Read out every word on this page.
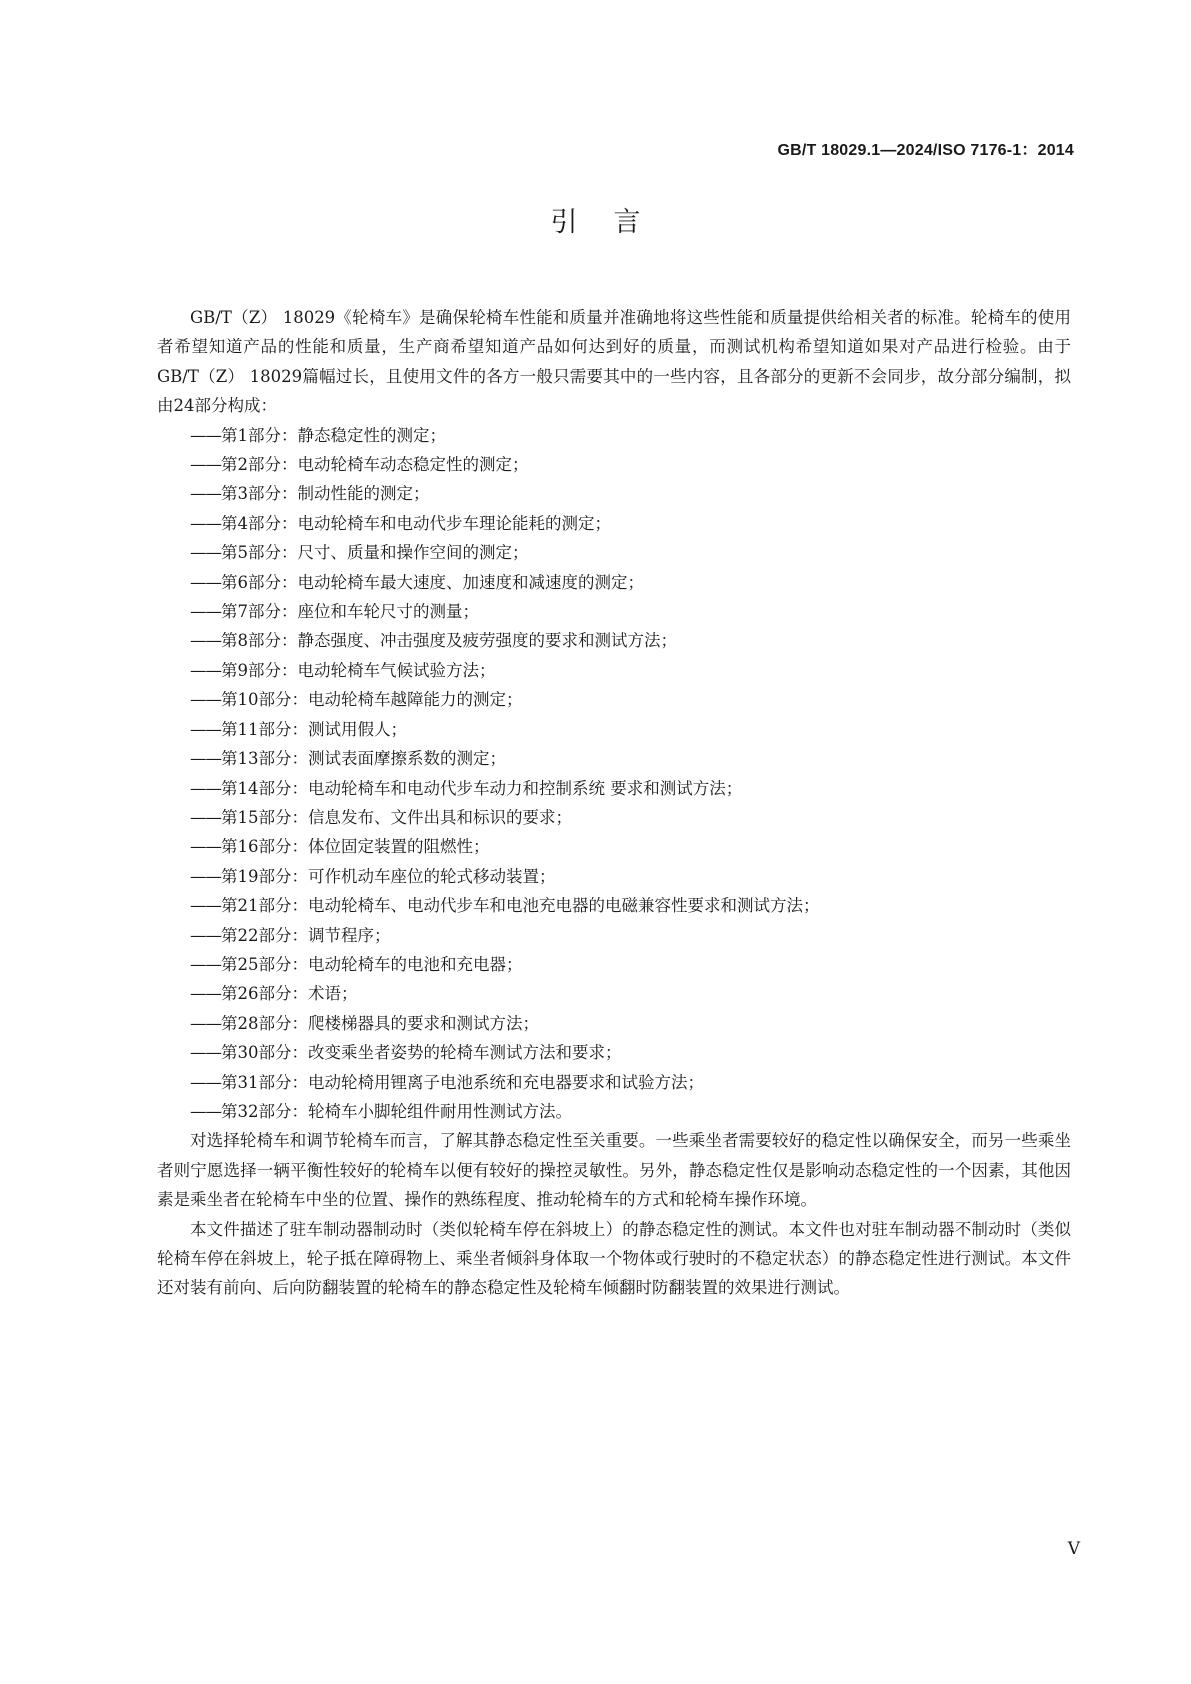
GB/T 18029.1—2024/ISO 7176-1：2014
引言

GB/T（Z） 18029《轮椅车》是确保轮椅车性能和质量并准确地将这些性能和质量提供给相关者的标准。轮椅车的使用者希望知道产品的性能和质量，生产商希望知道产品如何达到好的质量，而测试机构希望知道如果对产品进行检验。由于GB/T（Z） 18029篇幅过长，且使用文件的各方一般只需要其中的一些内容，且各部分的更新不会同步，故分部分编制，拟由24部分构成：

——第1部分：静态稳定性的测定；
——第2部分：电动轮椅车动态稳定性的测定；
——第3部分：制动性能的测定；
——第4部分：电动轮椅车和电动代步车理论能耗的测定；
——第5部分：尺寸、质量和操作空间的测定；
——第6部分：电动轮椅车最大速度、加速度和减速度的测定；
——第7部分：座位和车轮尺寸的测量；
——第8部分：静态强度、冲击强度及疲劳强度的要求和测试方法；
——第9部分：电动轮椅车气候试验方法；
——第10部分：电动轮椅车越障能力的测定；
——第11部分：测试用假人；
——第13部分：测试表面摩擦系数的测定；
——第14部分：电动轮椅车和电动代步车动力和控制系统 要求和测试方法；
——第15部分：信息发布、文件出具和标识的要求；
——第16部分：体位固定装置的阻燃性；
——第19部分：可作机动车座位的轮式移动装置；
——第21部分：电动轮椅车、电动代步车和电池充电器的电磁兼容性要求和测试方法；
——第22部分：调节程序；
——第25部分：电动轮椅车的电池和充电器；
——第26部分：术语；
——第28部分：爬楼梯器具的要求和测试方法；
——第30部分：改变乘坐者姿势的轮椅车测试方法和要求；
——第31部分：电动轮椅用锂离子电池系统和充电器要求和试验方法；
——第32部分：轮椅车小脚轮组件耐用性测试方法。

对选择轮椅车和调节轮椅车而言，了解其静态稳定性至关重要。一些乘坐者需要较好的稳定性以确保安全，而另一些乘坐者则宁愿选择一辆平衡性较好的轮椅车以便有较好的操控灵敏性。另外，静态稳定性仅是影响动态稳定性的一个因素，其他因素是乘坐者在轮椅车中坐的位置、操作的熟练程度、推动轮椅车的方式和轮椅车操作环境。

本文件描述了驻车制动器制动时（类似轮椅车停在斜坡上）的静态稳定性的测试。本文件也对驻车制动器不制动时（类似轮椅车停在斜坡上，轮子抵在障碍物上、乘坐者倾斜身体取一个物体或行驶时的不稳定状态）的静态稳定性进行测试。本文件还对装有前向、后向防翻装置的轮椅车的静态稳定性及轮椅车倾翻时防翻装置的效果进行测试。

V
